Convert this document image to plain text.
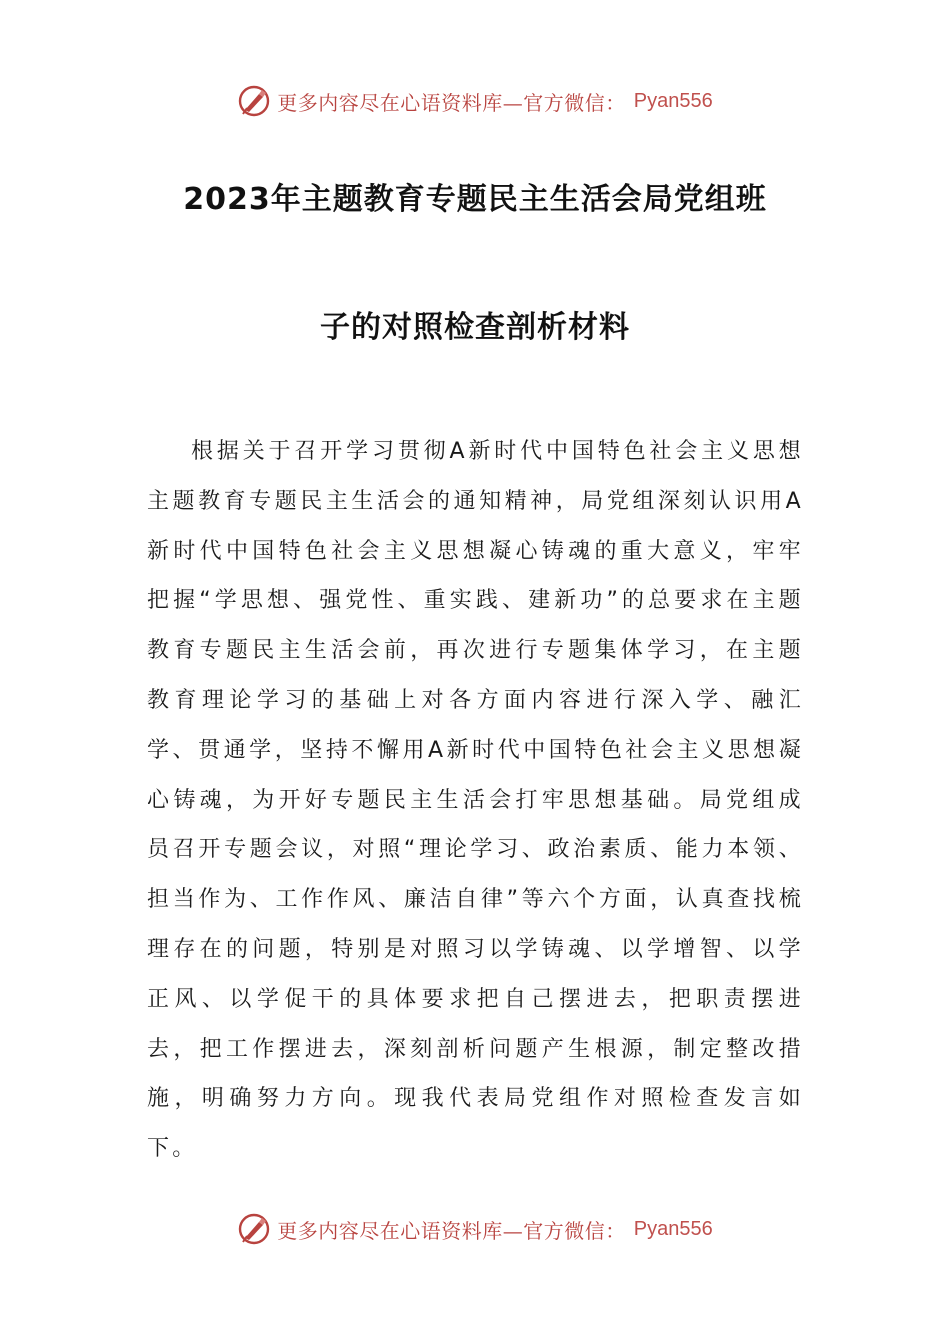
更多内容尽在心语资料库—官方微信： Pyan556
2023年主题教育专题民主生活会局党组班
子的对照检查剖析材料

根据关于召开学习贯彻A新时代中国特色社会主义思想主题教育专题民主生活会的通知精神，局党组深刻认识用A新时代中国特色社会主义思想凝心铸魂的重大意义，牢牢把握“学思想、强党性、重实践、建新功”的总要求在主题教育专题民主生活会前，再次进行专题集体学习，在主题教育理论学习的基础上对各方面内容进行深入学、融汇学、贯通学，坚持不懈用A新时代中国特色社会主义思想凝心铸魂，为开好专题民主生活会打牢思想基础。局党组成员召开专题会议，对照“理论学习、政治素质、能力本领、担当作为、工作作风、廉洁自律”等六个方面，认真查找梳理存在的问题，特别是对照习以学铸魂、以学增智、以学正风、以学促干的具体要求把自己摆进去，把职责摆进去，把工作摆进去，深刻剖析问题产生根源，制定整改措施，明确努力方向。现我代表局党组作对照检查发言如下。

更多内容尽在心语资料库—官方微信： Pyan556
